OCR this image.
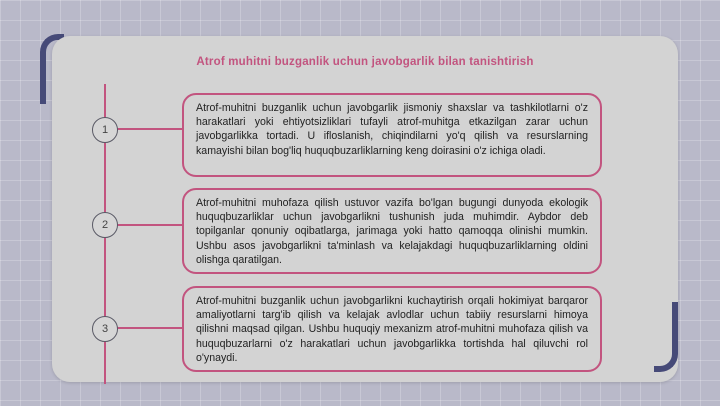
Atrof muhitni buzganlik uchun javobgarlik bilan tanishtirish
1
Atrof-muhitni buzganlik uchun javobgarlik jismoniy shaxslar va tashkilotlarni o'z harakatlari yoki ehtiyotsizliklari tufayli atrof-muhitga etkazilgan zarar uchun javobgarlikka tortadi. U ifloslanish, chiqindilarni yo'q qilish va resurslarning kamayishi bilan bog'liq huquqbuzarliklarning keng doirasini o'z ichiga oladi.
2
Atrof-muhitni muhofaza qilish ustuvor vazifa bo'lgan bugungi dunyoda ekologik huquqbuzarliklar uchun javobgarlikni tushunish juda muhimdir. Aybdor deb topilganlar qonuniy oqibatlarga, jarimaga yoki hatto qamoqqa olinishi mumkin. Ushbu asos javobgarlikni ta'minlash va kelajakdagi huquqbuzarliklarning oldini olishga qaratilgan.
3
Atrof-muhitni buzganlik uchun javobgarlikni kuchaytirish orqali hokimiyat barqaror amaliyotlarni targ'ib qilish va kelajak avlodlar uchun tabiiy resurslarni himoya qilishni maqsad qilgan. Ushbu huquqiy mexanizm atrof-muhitni muhofaza qilish va huquqbuzarlarni o'z harakatlari uchun javobgarlikka tortishda hal qiluvchi rol o'ynaydi.
